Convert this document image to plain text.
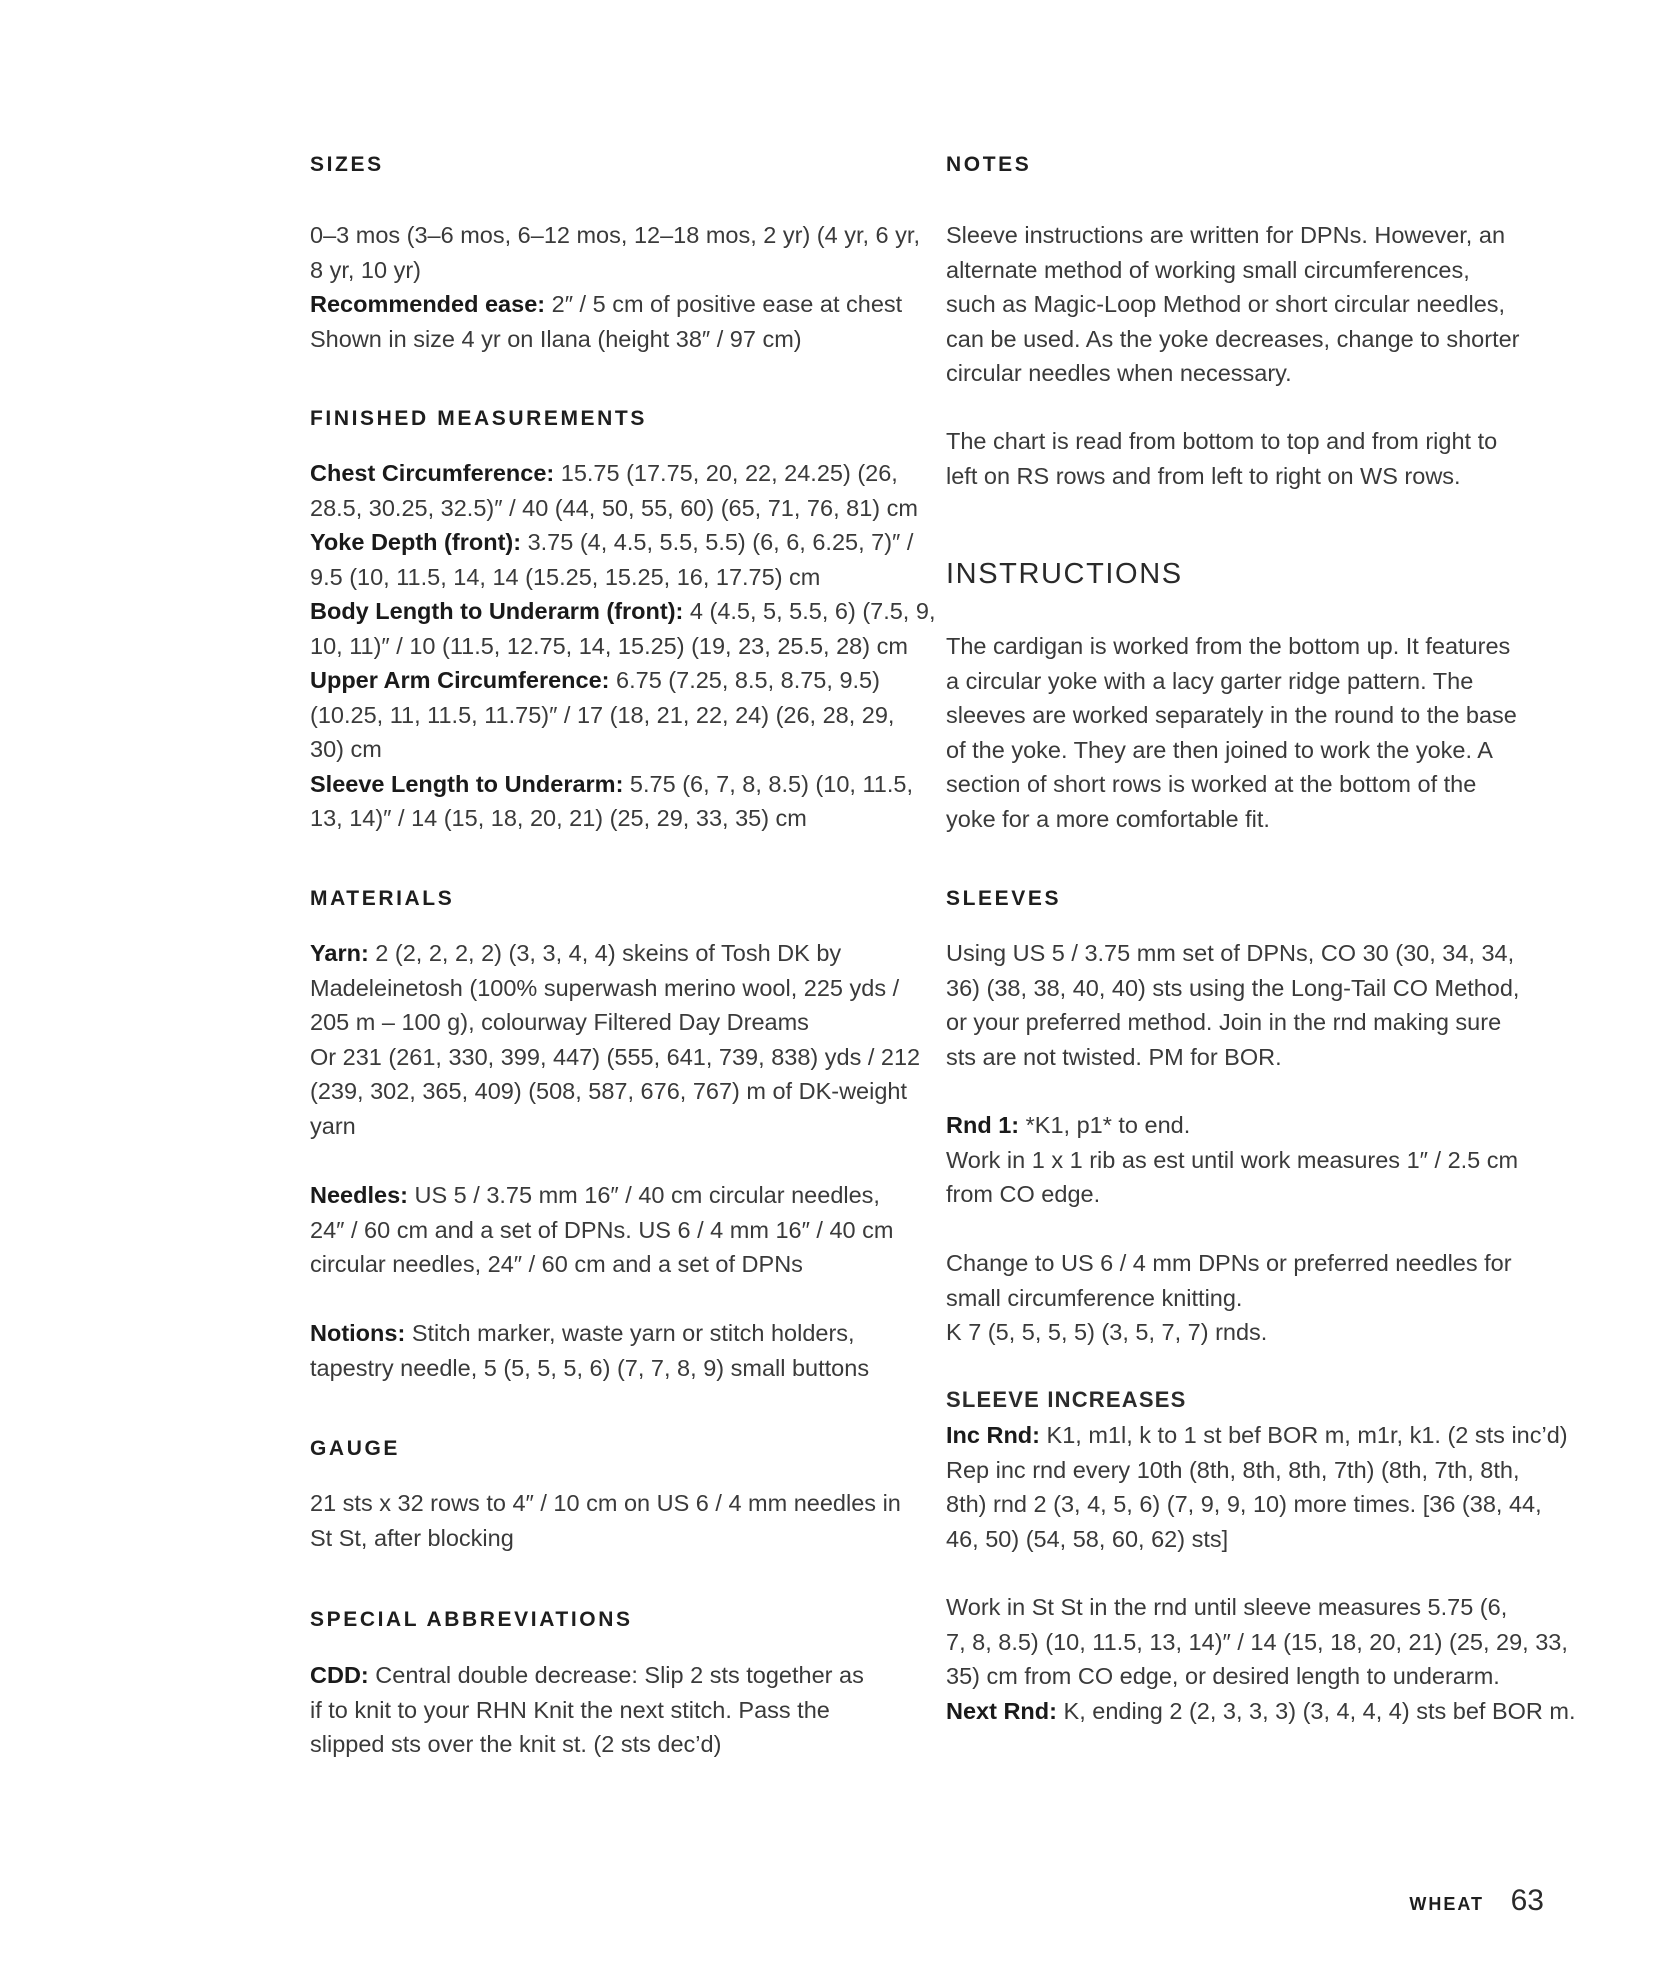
SIZES
0–3 mos (3–6 mos, 6–12 mos, 12–18 mos, 2 yr) (4 yr, 6 yr,
8 yr, 10 yr)
Recommended ease: 2″ / 5 cm of positive ease at chest
Shown in size 4 yr on Ilana (height 38″ / 97 cm)
FINISHED MEASUREMENTS
Chest Circumference: 15.75 (17.75, 20, 22, 24.25) (26,
28.5, 30.25, 32.5)″ / 40 (44, 50, 55, 60) (65, 71, 76, 81) cm
Yoke Depth (front): 3.75 (4, 4.5, 5.5, 5.5) (6, 6, 6.25, 7)″ /
9.5 (10, 11.5, 14, 14 (15.25, 15.25, 16, 17.75) cm
Body Length to Underarm (front): 4 (4.5, 5, 5.5, 6) (7.5, 9,
10, 11)″ / 10 (11.5, 12.75, 14, 15.25) (19, 23, 25.5, 28) cm
Upper Arm Circumference: 6.75 (7.25, 8.5, 8.75, 9.5)
(10.25, 11, 11.5, 11.75)″ / 17 (18, 21, 22, 24) (26, 28, 29,
30) cm
Sleeve Length to Underarm: 5.75 (6, 7, 8, 8.5) (10, 11.5,
13, 14)″ / 14 (15, 18, 20, 21) (25, 29, 33, 35) cm
MATERIALS
Yarn: 2 (2, 2, 2, 2) (3, 3, 4, 4) skeins of Tosh DK by
Madeleinetosh (100% superwash merino wool, 225 yds /
205 m – 100 g), colourway Filtered Day Dreams
Or 231 (261, 330, 399, 447) (555, 641, 739, 838) yds / 212
(239, 302, 365, 409) (508, 587, 676, 767) m of DK-weight
yarn
Needles: US 5 / 3.75 mm 16″ / 40 cm circular needles,
24″ / 60 cm and a set of DPNs. US 6 / 4 mm 16″ / 40 cm
circular needles, 24″ / 60 cm and a set of DPNs
Notions: Stitch marker, waste yarn or stitch holders,
tapestry needle, 5 (5, 5, 5, 6) (7, 7, 8, 9) small buttons
GAUGE
21 sts x 32 rows to 4″ / 10 cm on US 6 / 4 mm needles in
St St, after blocking
SPECIAL ABBREVIATIONS
CDD: Central double decrease: Slip 2 sts together as
if to knit to your RHN Knit the next stitch. Pass the
slipped sts over the knit st. (2 sts dec’d)
NOTES
Sleeve instructions are written for DPNs. However, an
alternate method of working small circumferences,
such as Magic-Loop Method or short circular needles,
can be used. As the yoke decreases, change to shorter
circular needles when necessary.
The chart is read from bottom to top and from right to
left on RS rows and from left to right on WS rows.
INSTRUCTIONS
The cardigan is worked from the bottom up. It features
a circular yoke with a lacy garter ridge pattern. The
sleeves are worked separately in the round to the base
of the yoke. They are then joined to work the yoke. A
section of short rows is worked at the bottom of the
yoke for a more comfortable fit.
SLEEVES
Using US 5 / 3.75 mm set of DPNs, CO 30 (30, 34, 34,
36) (38, 38, 40, 40) sts using the Long-Tail CO Method,
or your preferred method. Join in the rnd making sure
sts are not twisted. PM for BOR.
Rnd 1: *K1, p1* to end.
Work in 1 x 1 rib as est until work measures 1″ / 2.5 cm
from CO edge.
Change to US 6 / 4 mm DPNs or preferred needles for
small circumference knitting.
K 7 (5, 5, 5, 5) (3, 5, 7, 7) rnds.
SLEEVE INCREASES
Inc Rnd: K1, m1l, k to 1 st bef BOR m, m1r, k1. (2 sts inc’d)
Rep inc rnd every 10th (8th, 8th, 8th, 7th) (8th, 7th, 8th,
8th) rnd 2 (3, 4, 5, 6) (7, 9, 9, 10) more times. [36 (38, 44,
46, 50) (54, 58, 60, 62) sts]
Work in St St in the rnd until sleeve measures 5.75 (6,
7, 8, 8.5) (10, 11.5, 13, 14)″ / 14 (15, 18, 20, 21) (25, 29, 33,
35) cm from CO edge, or desired length to underarm.
Next Rnd: K, ending 2 (2, 3, 3, 3) (3, 4, 4, 4) sts bef BOR m.
WHEAT 63
